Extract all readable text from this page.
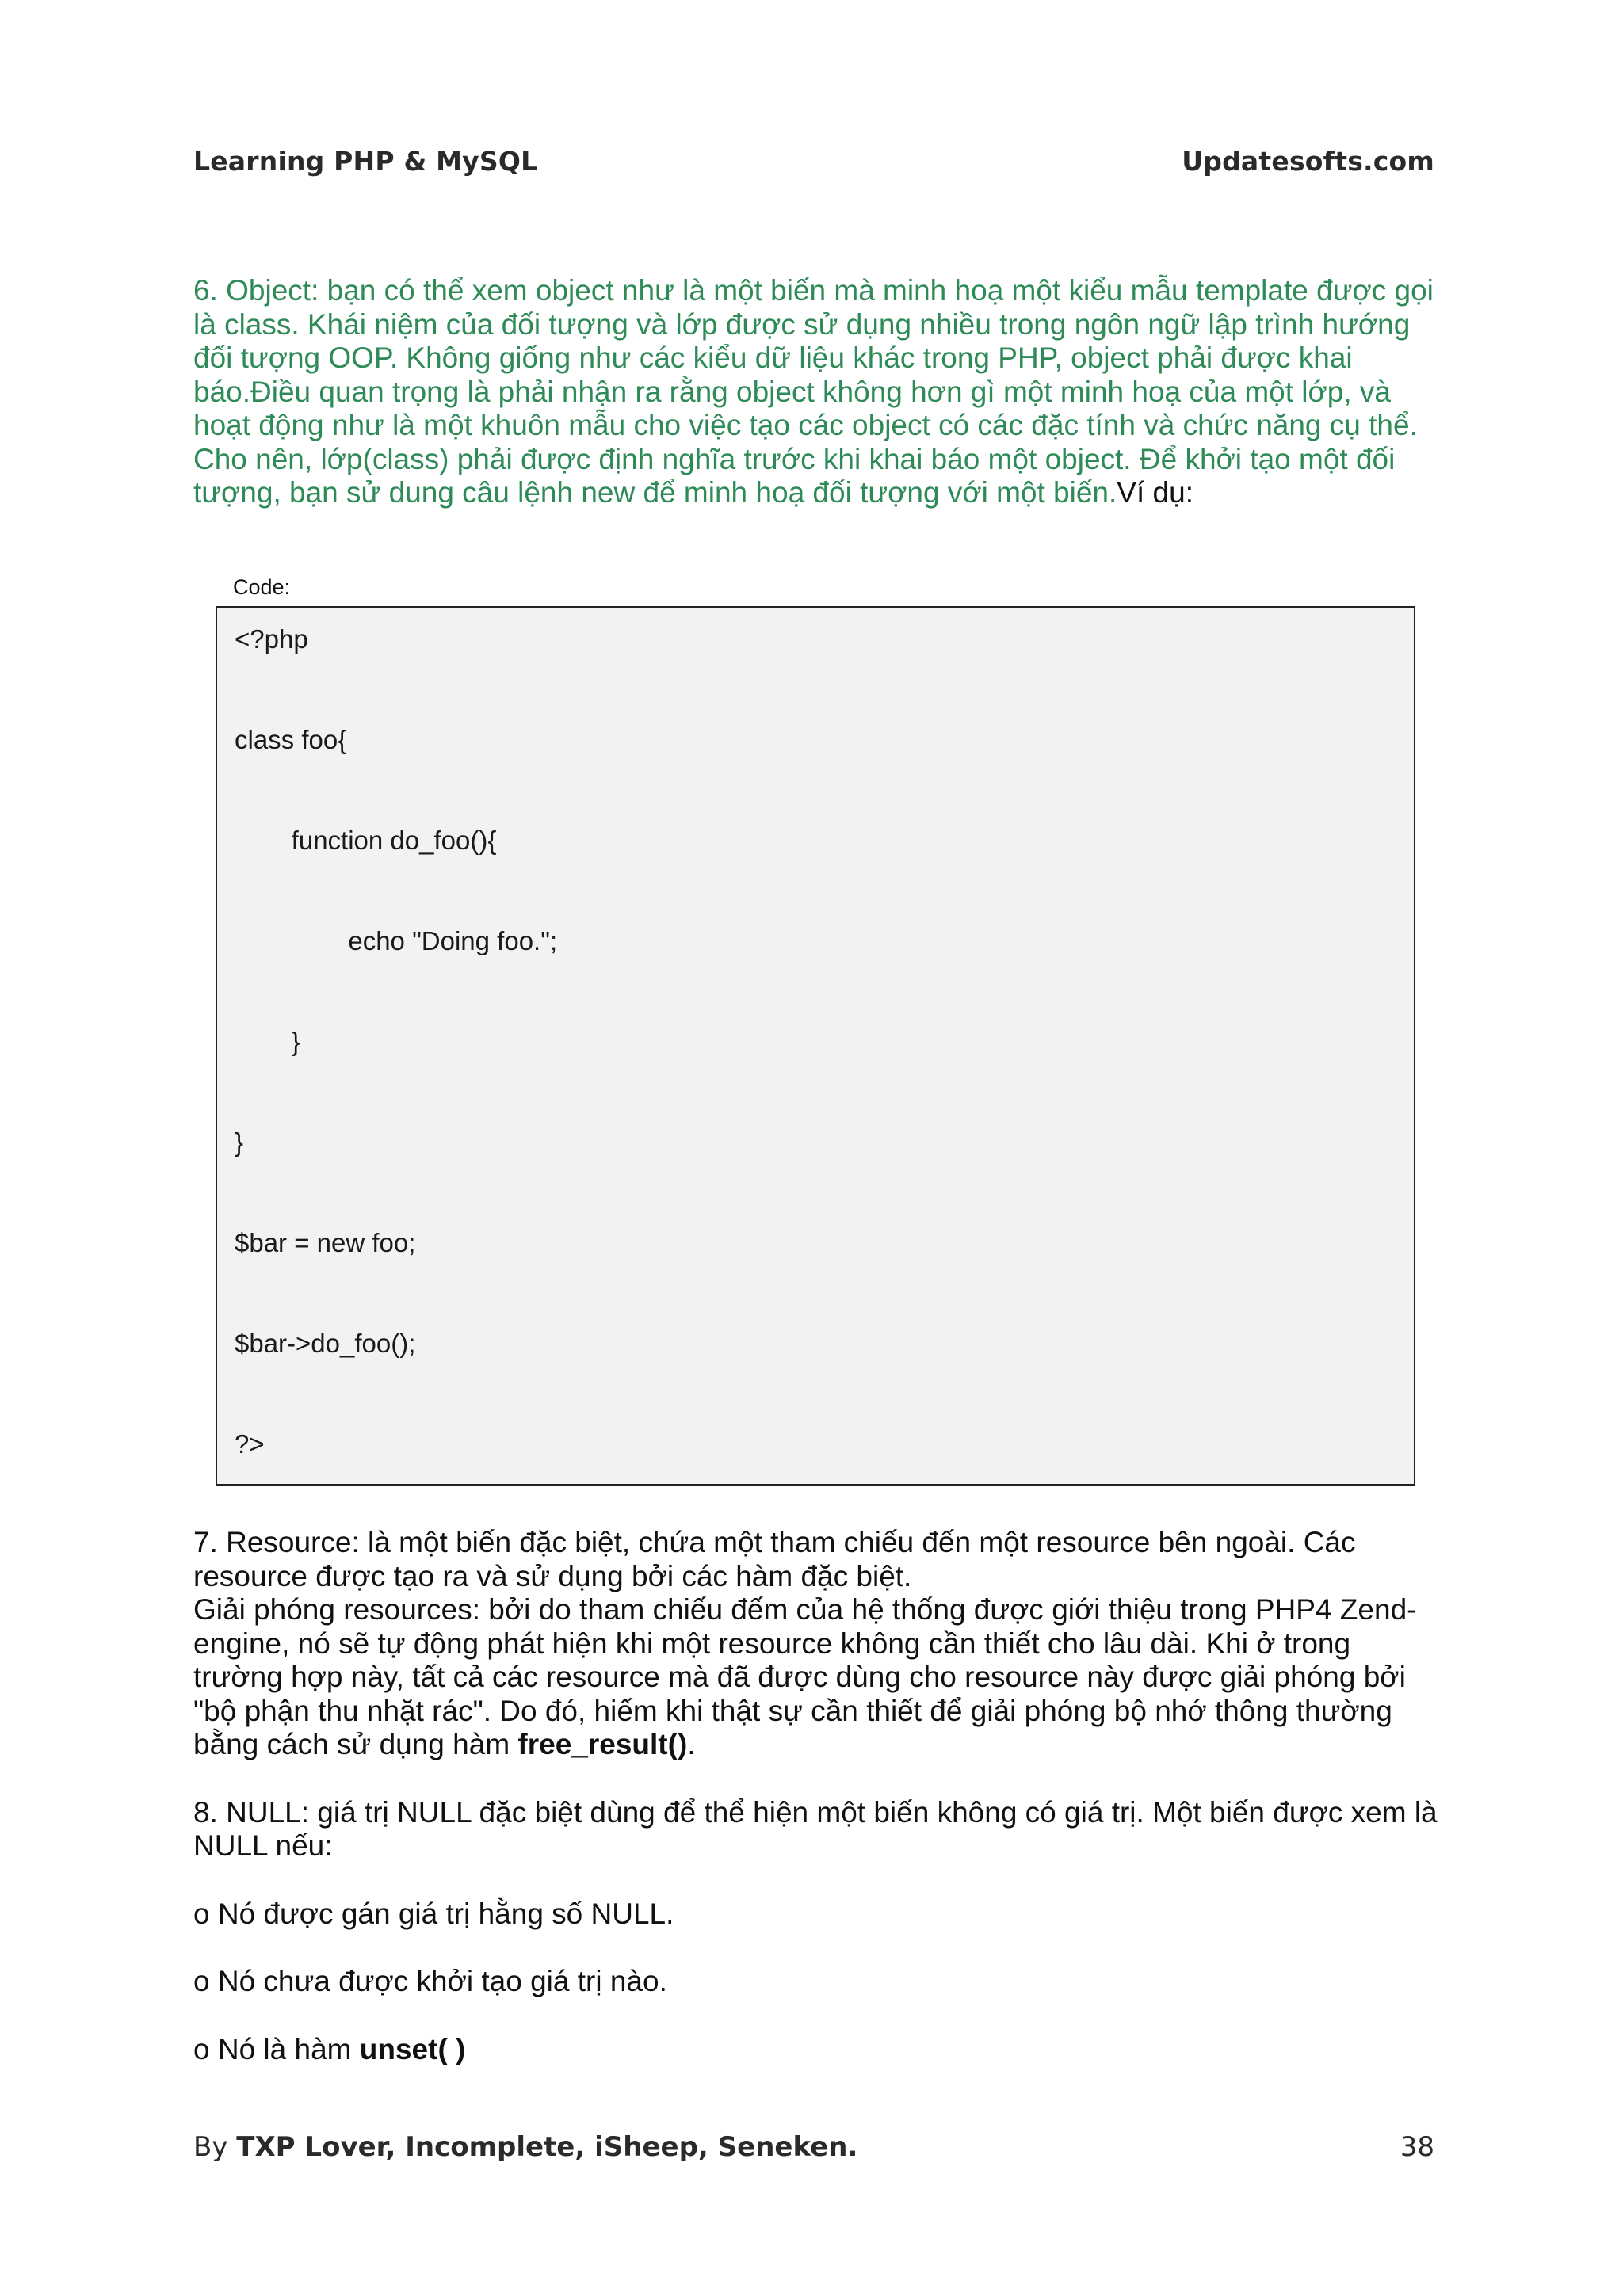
Learning PHP & MySQL	Updatesofts.com
6. Object: bạn có thể xem object như là một biến mà minh hoạ một kiểu mẫu template được gọi
là class. Khái niệm của đối tượng và lớp được sử dụng nhiều trong ngôn ngữ lập trình hướng
đối tượng OOP. Không giống như các kiểu dữ liệu khác trong PHP, object phải được khai
báo.Điều quan trọng là phải nhận ra rằng object không hơn gì một minh hoạ của một lớp, và
hoạt động như là một khuôn mẫu cho việc tạo các object có các đặc tính và chức năng cụ thể.
Cho nên, lớp(class) phải được định nghĩa trước khi khai báo một object. Để khởi tạo một đối
tượng, bạn sử dung câu lệnh new để minh hoạ đối tượng với một biến.Ví dụ:
Code:
<?php
class foo{
function do_foo(){
echo "Doing foo.";
}
}
$bar = new foo;
$bar->do_foo();
?>

7. Resource: là một biến đặc biệt, chứa một tham chiếu đến một resource bên ngoài. Các

resource được tạo ra và sử dụng bởi các hàm đặc biệt.

Giải phóng resources: bởi do tham chiếu đếm của hệ thống được giới thiệu trong PHP4 Zend-

engine, nó sẽ tự động phát hiện khi một resource không cần thiết cho lâu dài. Khi ở trong

trường hợp này, tất cả các resource mà đã được dùng cho resource này được giải phóng bởi

"bộ phận thu nhặt rác". Do đó, hiếm khi thật sự cần thiết để giải phóng bộ nhớ thông thường

bằng cách sử dụng hàm free_result().

8. NULL: giá trị NULL đặc biệt dùng để thể hiện một biến không có giá trị. Một biến được xem là

NULL nếu:

o Nó được gán giá trị hằng số NULL.

o Nó chưa được khởi tạo giá trị nào.

o Nó là hàm unset( )

By TXP Lover, Incomplete, iSheep, Seneken.	38
